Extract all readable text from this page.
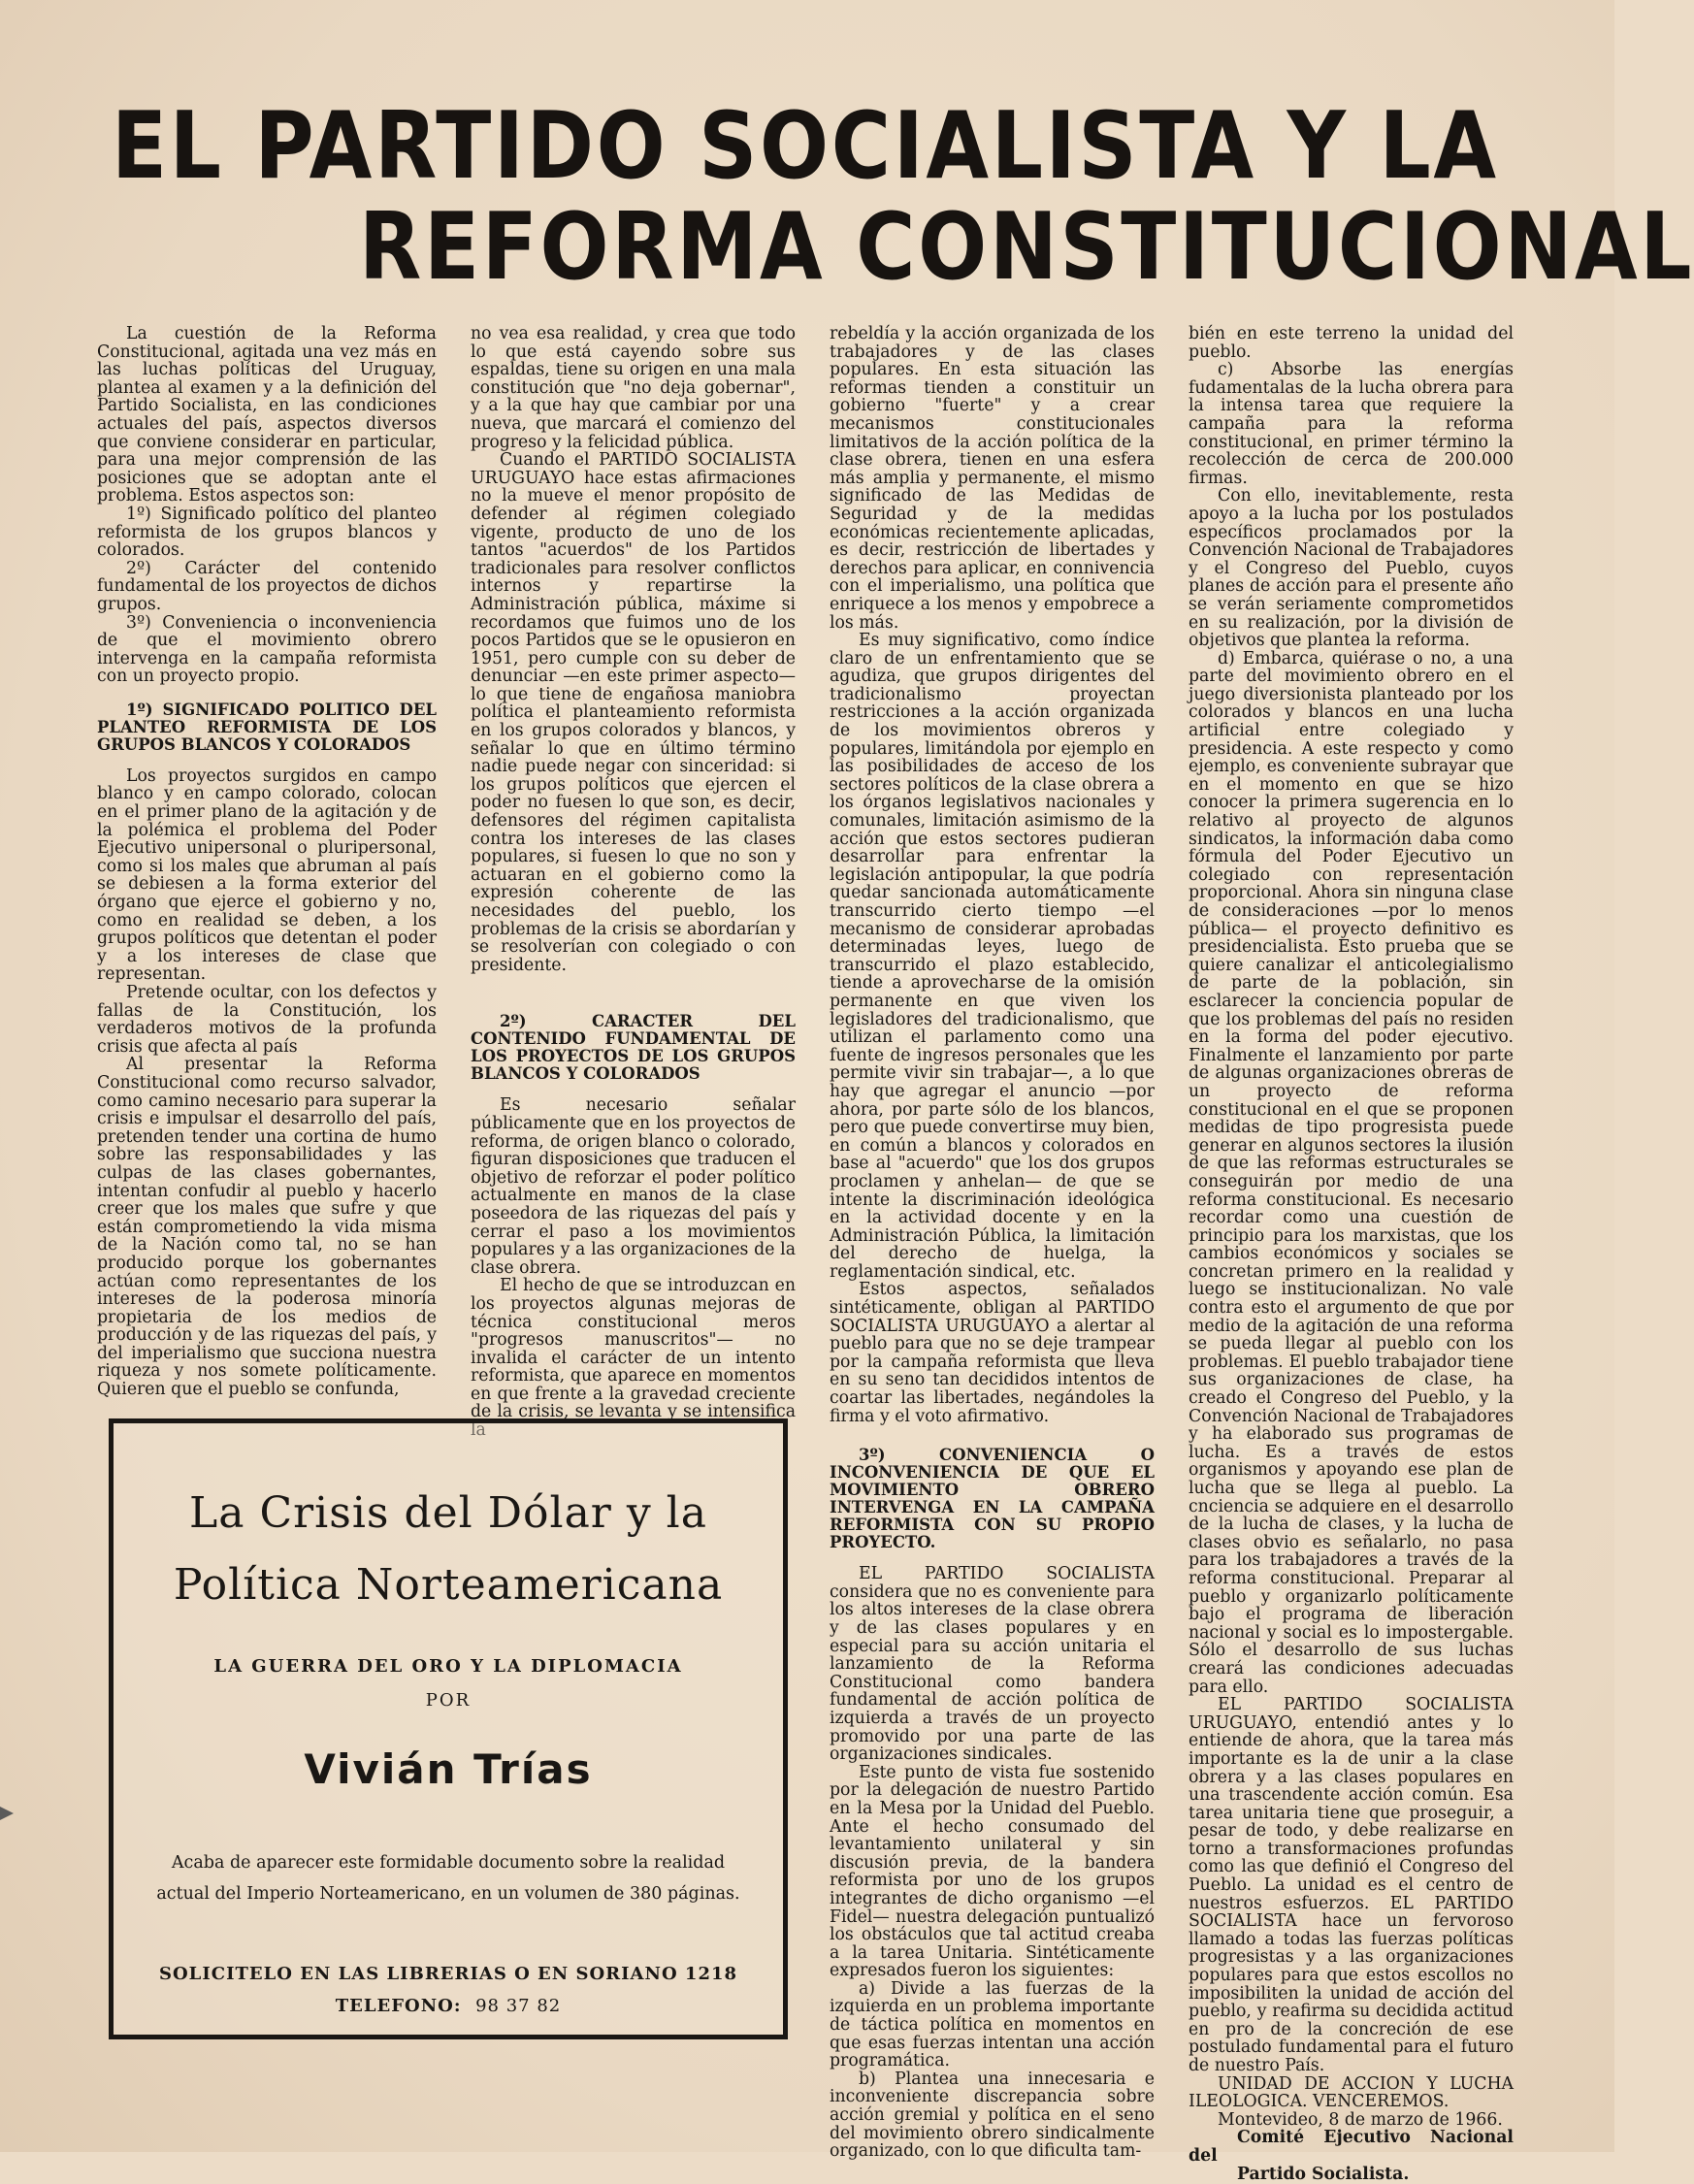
EL PARTIDO SOCIALISTA Y LA
REFORMA CONSTITUCIONAL

La cuestión de la Reforma Constitucional, agitada una vez más en las luchas políticas del Uruguay, plantea al examen y a la definición del Partido Socialista, en las condiciones actuales del país, aspectos diversos que conviene considerar en particular, para una mejor comprensión de las posiciones que se adoptan ante el problema. Estos aspectos son:

1º) Significado político del planteo reformista de los grupos blancos y colorados.

2º) Carácter del contenido fundamental de los proyectos de dichos grupos.

3º) Conveniencia o inconveniencia de que el movimiento obrero intervenga en la campaña reformista con un proyecto propio.

1º) SIGNIFICADO POLITICO DEL PLANTEO REFORMISTA DE LOS GRUPOS BLANCOS Y COLORADOS

Los proyectos surgidos en campo blanco y en campo colorado, colocan en el primer plano de la agitación y de la polémica el problema del Poder Ejecutivo unipersonal o pluripersonal, como si los males que abruman al país se debiesen a la forma exterior del órgano que ejerce el gobierno y no, como en realidad se deben, a los grupos políticos que detentan el poder y a los intereses de clase que representan.

Pretende ocultar, con los defectos y fallas de la Constitución, los verdaderos motivos de la profunda crisis que afecta al país

Al presentar la Reforma Constitucional como recurso salvador, como camino necesario para superar la crisis e impulsar el desarrollo del país, pretenden tender una cortina de humo sobre las responsabilidades y las culpas de las clases gobernantes, intentan confudir al pueblo y hacerlo creer que los males que sufre y que están comprometiendo la vida misma de la Nación como tal, no se han producido porque los gobernantes actúan como representantes de los intereses de la poderosa minoría propietaria de los medios de producción y de las riquezas del país, y del imperialismo que succiona nuestra riqueza y nos somete políticamente. Quieren que el pueblo se confunda,

no vea esa realidad, y crea que todo lo que está cayendo sobre sus espaldas, tiene su origen en una mala constitución que "no deja gobernar", y a la que hay que cambiar por una nueva, que marcará el comienzo del progreso y la felicidad pública.

Cuando el PARTIDO SOCIALISTA URUGUAYO hace estas afirmaciones no la mueve el menor propósito de defender al régimen colegiado vigente, producto de uno de los tantos "acuerdos" de los Partidos tradicionales para resolver conflictos internos y repartirse la Administración pública, máxime si recordamos que fuimos uno de los pocos Partidos que se le opusieron en 1951, pero cumple con su deber de denunciar —en este primer aspecto— lo que tiene de engañosa maniobra política el planteamiento reformista en los grupos colorados y blancos, y señalar lo que en último término nadie puede negar con sinceridad: si los grupos políticos que ejercen el poder no fuesen lo que son, es decir, defensores del régimen capitalista contra los intereses de las clases populares, si fuesen lo que no son y actuaran en el gobierno como la expresión coherente de las necesidades del pueblo, los problemas de la crisis se abordarían y se resolverían con colegiado o con presidente.

2º) CARACTER DEL CONTENIDO FUNDAMENTAL DE LOS PROYECTOS DE LOS GRUPOS BLANCOS Y COLORADOS

Es necesario señalar públicamente que en los proyectos de reforma, de origen blanco o colorado, figuran disposiciones que traducen el objetivo de reforzar el poder político actualmente en manos de la clase poseedora de las riquezas del país y cerrar el paso a los movimientos populares y a las organizaciones de la clase obrera.

El hecho de que se introduzcan en los proyectos algunas mejoras de técnica constitucional meros "progresos manuscritos"— no invalida el carácter de un intento reformista, que aparece en momentos en que frente a la gravedad creciente de la crisis, se levanta y se intensifica la

rebeldía y la acción organizada de los trabajadores y de las clases populares. En esta situación las reformas tienden a constituir un gobierno "fuerte" y a crear mecanismos constitucionales limitativos de la acción política de la clase obrera, tienen en una esfera más amplia y permanente, el mismo significado de las Medidas de Seguridad y de la medidas económicas recientemente aplicadas, es decir, restricción de libertades y derechos para aplicar, en connivencia con el imperialismo, una política que enriquece a los menos y empobrece a los más.

Es muy significativo, como índice claro de un enfrentamiento que se agudiza, que grupos dirigentes del tradicionalismo proyectan restricciones a la acción organizada de los movimientos obreros y populares, limitándola por ejemplo en las posibilidades de acceso de los sectores políticos de la clase obrera a los órganos legislativos nacionales y comunales, limitación asimismo de la acción que estos sectores pudieran desarrollar para enfrentar la legislación antipopular, la que podría quedar sancionada automáticamente transcurrido cierto tiempo —el mecanismo de considerar aprobadas determinadas leyes, luego de transcurrido el plazo establecido, tiende a aprovecharse de la omisión permanente en que viven los legisladores del tradicionalismo, que utilizan el parlamento como una fuente de ingresos personales que les permite vivir sin trabajar—, a lo que hay que agregar el anuncio —por ahora, por parte sólo de los blancos, pero que puede convertirse muy bien, en común a blancos y colorados en base al "acuerdo" que los dos grupos proclamen y anhelan— de que se intente la discriminación ideológica en la actividad docente y en la Administración Pública, la limitación del derecho de huelga, la reglamentación sindical, etc.

Estos aspectos, señalados sintéticamente, obligan al PARTIDO SOCIALISTA URUGUAYO a alertar al pueblo para que no se deje trampear por la campaña reformista que lleva en su seno tan decididos intentos de coartar las libertades, negándoles la firma y el voto afirmativo.

3º) CONVENIENCIA O INCONVENIENCIA DE QUE EL MOVIMIENTO OBRERO INTERVENGA EN LA CAMPAÑA REFORMISTA CON SU PROPIO PROYECTO.

EL PARTIDO SOCIALISTA considera que no es conveniente para los altos intereses de la clase obrera y de las clases populares y en especial para su acción unitaria el lanzamiento de la Reforma Constitucional como bandera fundamental de acción política de izquierda a través de un proyecto promovido por una parte de las organizaciones sindicales.

Este punto de vista fue sostenido por la delegación de nuestro Partido en la Mesa por la Unidad del Pueblo. Ante el hecho consumado del levantamiento unilateral y sin discusión previa, de la bandera reformista por uno de los grupos integrantes de dicho organismo —el Fidel— nuestra delegación puntualizó los obstáculos que tal actitud creaba a la tarea Unitaria. Sintéticamente expresados fueron los siguientes:

a) Divide a las fuerzas de la izquierda en un problema importante de táctica política en momentos en que esas fuerzas intentan una acción programática.

b) Plantea una innecesaria e inconveniente discrepancia sobre acción gremial y política en el seno del movimiento obrero sindicalmente organizado, con lo que dificulta tam-

bién en este terreno la unidad del pueblo.

c) Absorbe las energías fudamentalas de la lucha obrera para la intensa tarea que requiere la campaña para la reforma constitucional, en primer término la recolección de cerca de 200.000 firmas.

Con ello, inevitablemente, resta apoyo a la lucha por los postulados específicos proclamados por la Convención Nacional de Trabajadores y el Congreso del Pueblo, cuyos planes de acción para el presente año se verán seriamente comprometidos en su realización, por la división de objetivos que plantea la reforma.

d) Embarca, quiérase o no, a una parte del movimiento obrero en el juego diversionista planteado por los colorados y blancos en una lucha artificial entre colegiado y presidencia. A este respecto y como ejemplo, es conveniente subrayar que en el momento en que se hizo conocer la primera sugerencia en lo relativo al proyecto de algunos sindicatos, la información daba como fórmula del Poder Ejecutivo un colegiado con representación proporcional. Ahora sin ninguna clase de consideraciones —por lo menos pública— el proyecto definitivo es presidencialista. Esto prueba que se quiere canalizar el anticolegialismo de parte de la población, sin esclarecer la conciencia popular de que los problemas del país no residen en la forma del poder ejecutivo. Finalmente el lanzamiento por parte de algunas organizaciones obreras de un proyecto de reforma constitucional en el que se proponen medidas de tipo progresista puede generar en algunos sectores la ilusión de que las reformas estructurales se conseguirán por medio de una reforma constitucional. Es necesario recordar como una cuestión de principio para los marxistas, que los cambios económicos y sociales se concretan primero en la realidad y luego se institucionalizan. No vale contra esto el argumento de que por medio de la agitación de una reforma se pueda llegar al pueblo con los problemas. El pueblo trabajador tiene sus organizaciones de clase, ha creado el Congreso del Pueblo, y la Convención Nacional de Trabajadores y ha elaborado sus programas de lucha. Es a través de estos organismos y apoyando ese plan de lucha que se llega al pueblo. La cnciencia se adquiere en el desarrollo de la lucha de clases, y la lucha de clases obvio es señalarlo, no pasa para los trabajadores a través de la reforma constitucional. Preparar al pueblo y organizarlo políticamente bajo el programa de liberación nacional y social es lo impostergable. Sólo el desarrollo de sus luchas creará las condiciones adecuadas para ello.

EL PARTIDO SOCIALISTA URUGUAYO, entendió antes y lo entiende de ahora, que la tarea más importante es la de unir a la clase obrera y a las clases populares en una trascendente acción común. Esa tarea unitaria tiene que proseguir, a pesar de todo, y debe realizarse en torno a transformaciones profundas como las que definió el Congreso del Pueblo. La unidad es el centro de nuestros esfuerzos. EL PARTIDO SOCIALISTA hace un fervoroso llamado a todas las fuerzas políticas progresistas y a las organizaciones populares para que estos escollos no imposibiliten la unidad de acción del pueblo, y reafirma su decidida actitud en pro de la concreción de ese postulado fundamental para el futuro de nuestro País.

UNIDAD DE ACCION Y LUCHA ILEOLOGICA. VENCEREMOS.

Montevideo, 8 de marzo de 1966.

Comité Ejecutivo Nacional del

Partido Socialista.

La Crisis del Dólar y la
Política Norteamericana
LA GUERRA DEL ORO Y LA DIPLOMACIA
POR
Vivián Trías
Acaba de aparecer este formidable documento sobre la realidad actual del Imperio Norteamericano, en un volumen de 380 páginas.
SOLICITELO EN LAS LIBRERIAS O EN SORIANO 1218
TELEFONO: 98 37 82
